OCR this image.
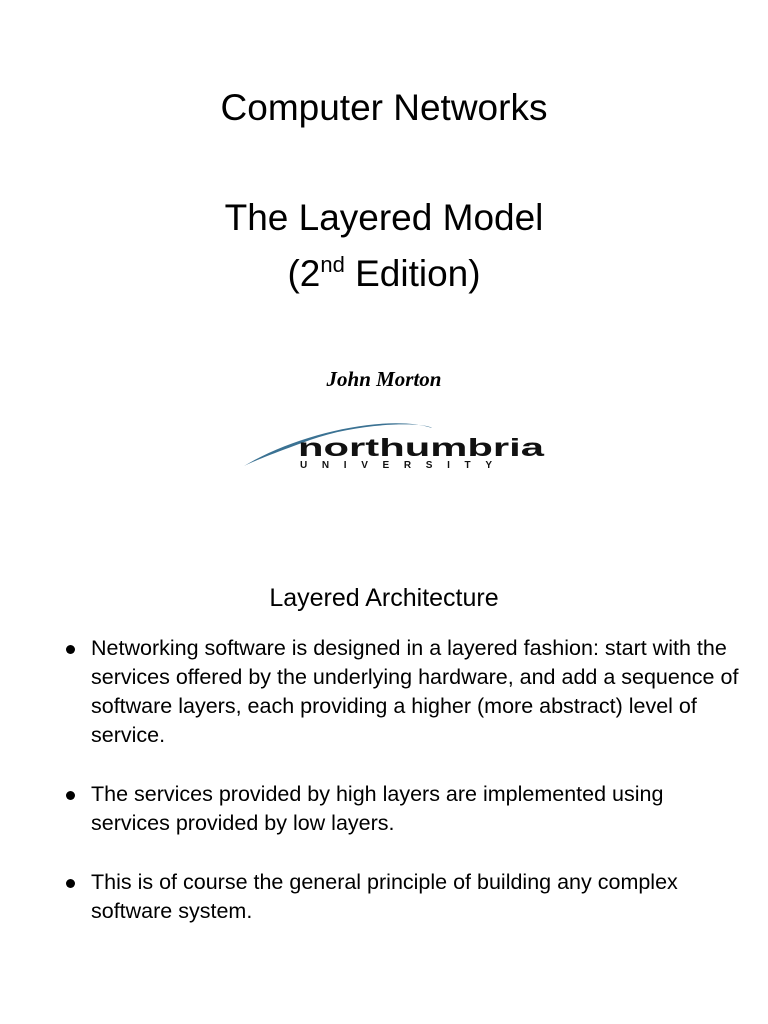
Computer Networks
The Layered Model
(2nd Edition)
John Morton
northumbria
UNIVERSITY
Layered Architecture
Networking software is designed in a layered fashion: start with the services offered by the underlying hardware, and add a sequence of software layers, each providing a higher (more abstract) level of service.
The services provided by high layers are implemented using services provided by low layers.
This is of course the general principle of building any complex software system.
